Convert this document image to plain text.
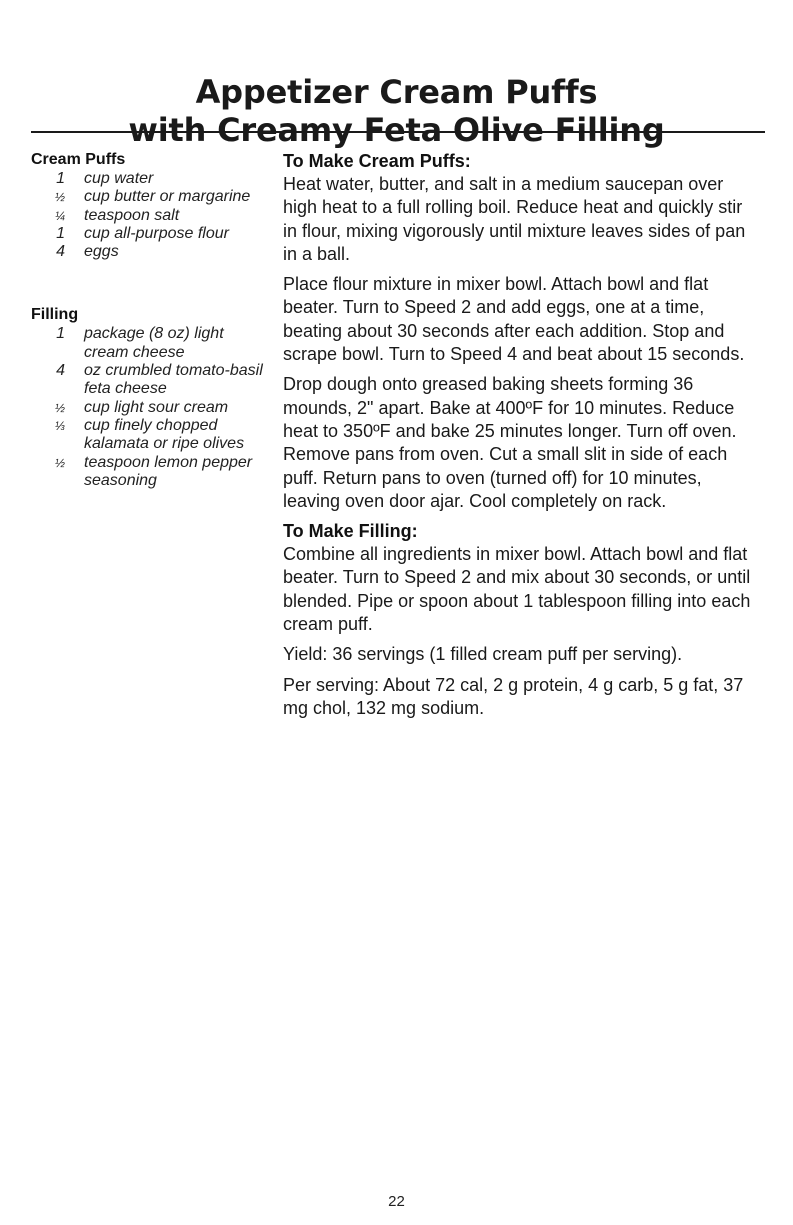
Appetizer Cream Puffs
with Creamy Feta Olive Filling
Cream Puffs
1 cup water
½ cup butter or margarine
¼ teaspoon salt
1 cup all-purpose flour
4 eggs
Filling
1 package (8 oz) light cream cheese
4 oz crumbled tomato-basil feta cheese
½ cup light sour cream
⅓ cup finely chopped kalamata or ripe olives
½ teaspoon lemon pepper seasoning
To Make Cream Puffs:

Heat water, butter, and salt in a medium saucepan over high heat to a full rolling boil. Reduce heat and quickly stir in flour, mixing vigorously until mixture leaves sides of pan in a ball.

Place flour mixture in mixer bowl. Attach bowl and flat beater. Turn to Speed 2 and add eggs, one at a time, beating about 30 seconds after each addition. Stop and scrape bowl. Turn to Speed 4 and beat about 15 seconds.

Drop dough onto greased baking sheets forming 36 mounds, 2" apart. Bake at 400ºF for 10 minutes. Reduce heat to 350ºF and bake 25 minutes longer. Turn off oven. Remove pans from oven. Cut a small slit in side of each puff. Return pans to oven (turned off) for 10 minutes, leaving oven door ajar. Cool completely on rack.

To Make Filling:

Combine all ingredients in mixer bowl. Attach bowl and flat beater. Turn to Speed 2 and mix about 30 seconds, or until blended. Pipe or spoon about 1 tablespoon filling into each cream puff.

Yield: 36 servings (1 filled cream puff per serving).

Per serving: About 72 cal, 2 g protein, 4 g carb, 5 g fat, 37 mg chol, 132 mg sodium.

22
